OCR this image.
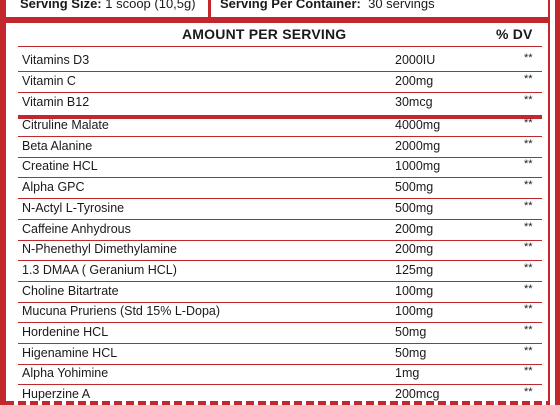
Serving Size: 1 scoop (10,5g) Serving Per Container:  30 servings
AMOUNT PER SERVING	% DV
Vitamins D3	2000IU	**
Vitamin C	200mg	**
Vitamin B12	30mcg	**
Citruline Malate	4000mg	**
Beta Alanine	2000mg	**
Creatine HCL	1000mg	**
Alpha GPC	500mg	**
N-Actyl L-Tyrosine	500mg	**
Caffeine Anhydrous	200mg	**
N-Phenethyl Dimethylamine	200mg	**
1.3 DMAA ( Geranium HCL)	125mg	**
Choline Bitartrate	100mg	**
Mucuna Pruriens (Std 15% L-Dopa)	100mg	**
Hordenine HCL	50mg	**
Higenamine HCL	50mg	**
Alpha Yohimine	1mg	**
Huperzine A	200mcg	**
